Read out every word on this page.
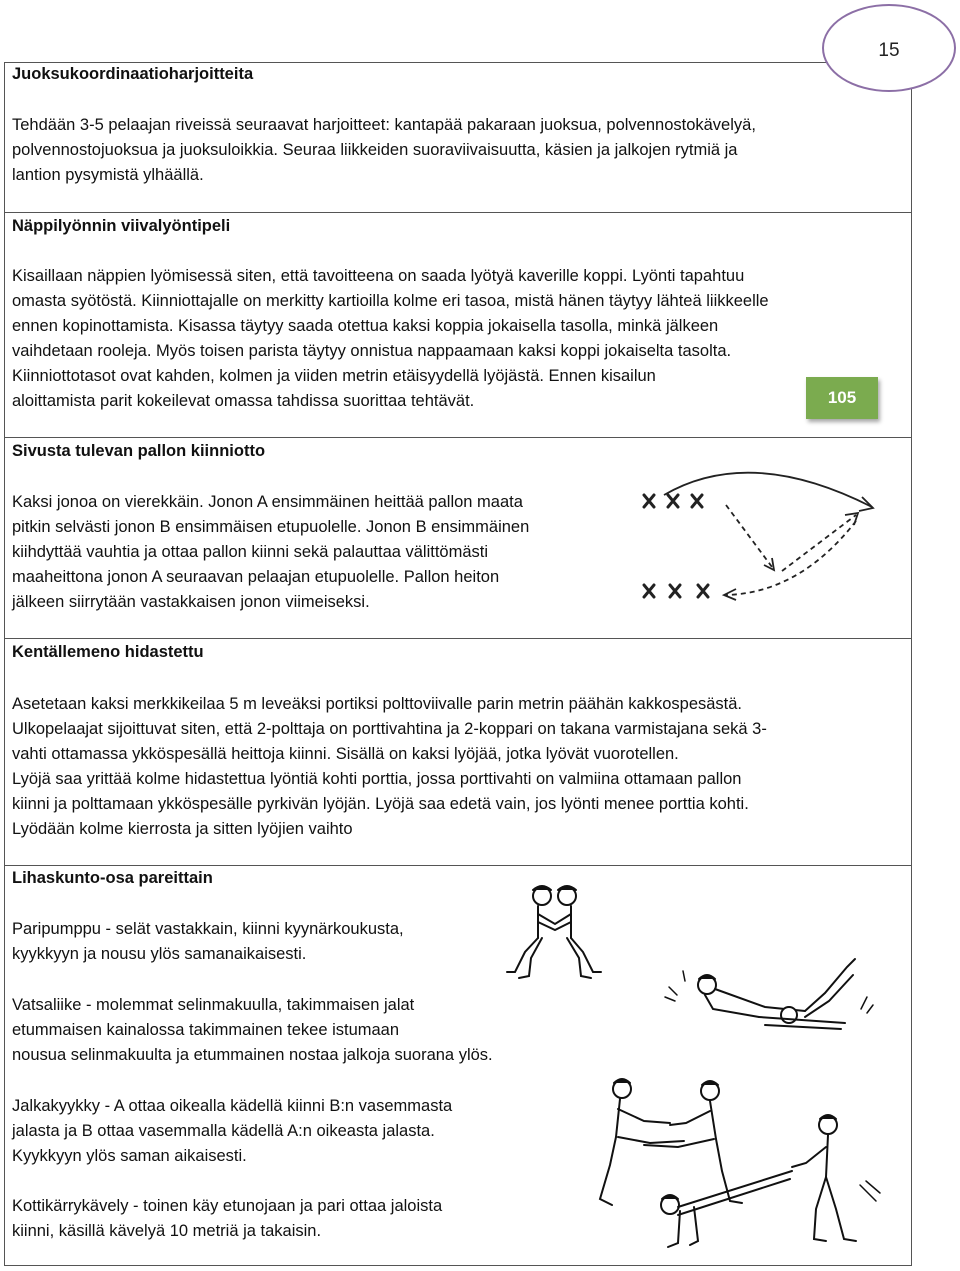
15
Juoksukoordinaatioharjoitteita
Tehdään 3-5 pelaajan riveissä seuraavat harjoitteet: kantapää pakaraan juoksua, polvennostokävelyä,
polvennostojuoksua ja juoksuloikkia. Seuraa liikkeiden suoraviivaisuutta, käsien ja jalkojen rytmiä ja
lantion pysymistä ylhäällä.
Näppilyönnin viivalyöntipeli
Kisaillaan näppien lyömisessä siten, että tavoitteena on saada lyötyä kaverille koppi. Lyönti tapahtuu
omasta syötöstä. Kiinniottajalle on merkitty kartioilla kolme eri tasoa, mistä hänen täytyy lähteä liikkeelle
ennen kopinottamista. Kisassa täytyy saada otettua kaksi koppia jokaisella tasolla, minkä jälkeen
vaihdetaan rooleja. Myös toisen parista täytyy onnistua nappaamaan kaksi koppi jokaiselta tasolta.
Kiinniottotasot ovat kahden, kolmen ja viiden metrin etäisyydellä lyöjästä. Ennen kisailun
aloittamista parit kokeilevat omassa tahdissa suorittaa tehtävät.	105
Sivusta tulevan pallon kiinniotto
Kaksi jonoa on vierekkäin. Jonon A ensimmäinen heittää pallon maata
pitkin selvästi jonon B ensimmäisen etupuolelle. Jonon B ensimmäinen
kiihdyttää vauhtia ja ottaa pallon kiinni sekä palauttaa välittömästi
maaheittona jonon A seuraavan pelaajan etupuolelle. Pallon heiton
jälkeen siirrytään vastakkaisen jonon viimeiseksi.
Kentällemeno hidastettu
Asetetaan kaksi merkkikeilaa 5 m leveäksi portiksi polttoviivalle parin metrin päähän kakkospesästä.
Ulkopelaajat sijoittuvat siten, että 2-polttaja on porttivahtina ja 2-koppari on takana varmistajana sekä 3-
vahti ottamassa ykköspesällä heittoja kiinni. Sisällä on kaksi lyöjää, jotka lyövät vuorotellen.
Lyöjä saa yrittää kolme hidastettua lyöntiä kohti porttia, jossa porttivahti on valmiina ottamaan pallon
kiinni ja polttamaan ykköspesälle pyrkivän lyöjän. Lyöjä saa edetä vain, jos lyönti menee porttia kohti.
Lyödään kolme kierrosta ja sitten lyöjien vaihto
Lihaskunto-osa pareittain
Paripumppu - selät vastakkain, kiinni kyynärkoukusta,
kyykkyyn ja nousu ylös samanaikaisesti.
Vatsaliike - molemmat selinmakuulla, takimmaisen jalat
etummaisen kainalossa takimmainen tekee istumaan
nousua selinmakuulta ja etummainen nostaa jalkoja suorana ylös.
Jalkakyykky - A ottaa oikealla kädellä kiinni B:n vasemmasta
jalasta ja B ottaa vasemmalla kädellä A:n oikeasta jalasta.
Kyykkyyn ylös saman aikaisesti.
Kottikärrykävely - toinen käy etunojaan ja pari ottaa jaloista
kiinni, käsillä kävelyä 10 metriä ja takaisin.
